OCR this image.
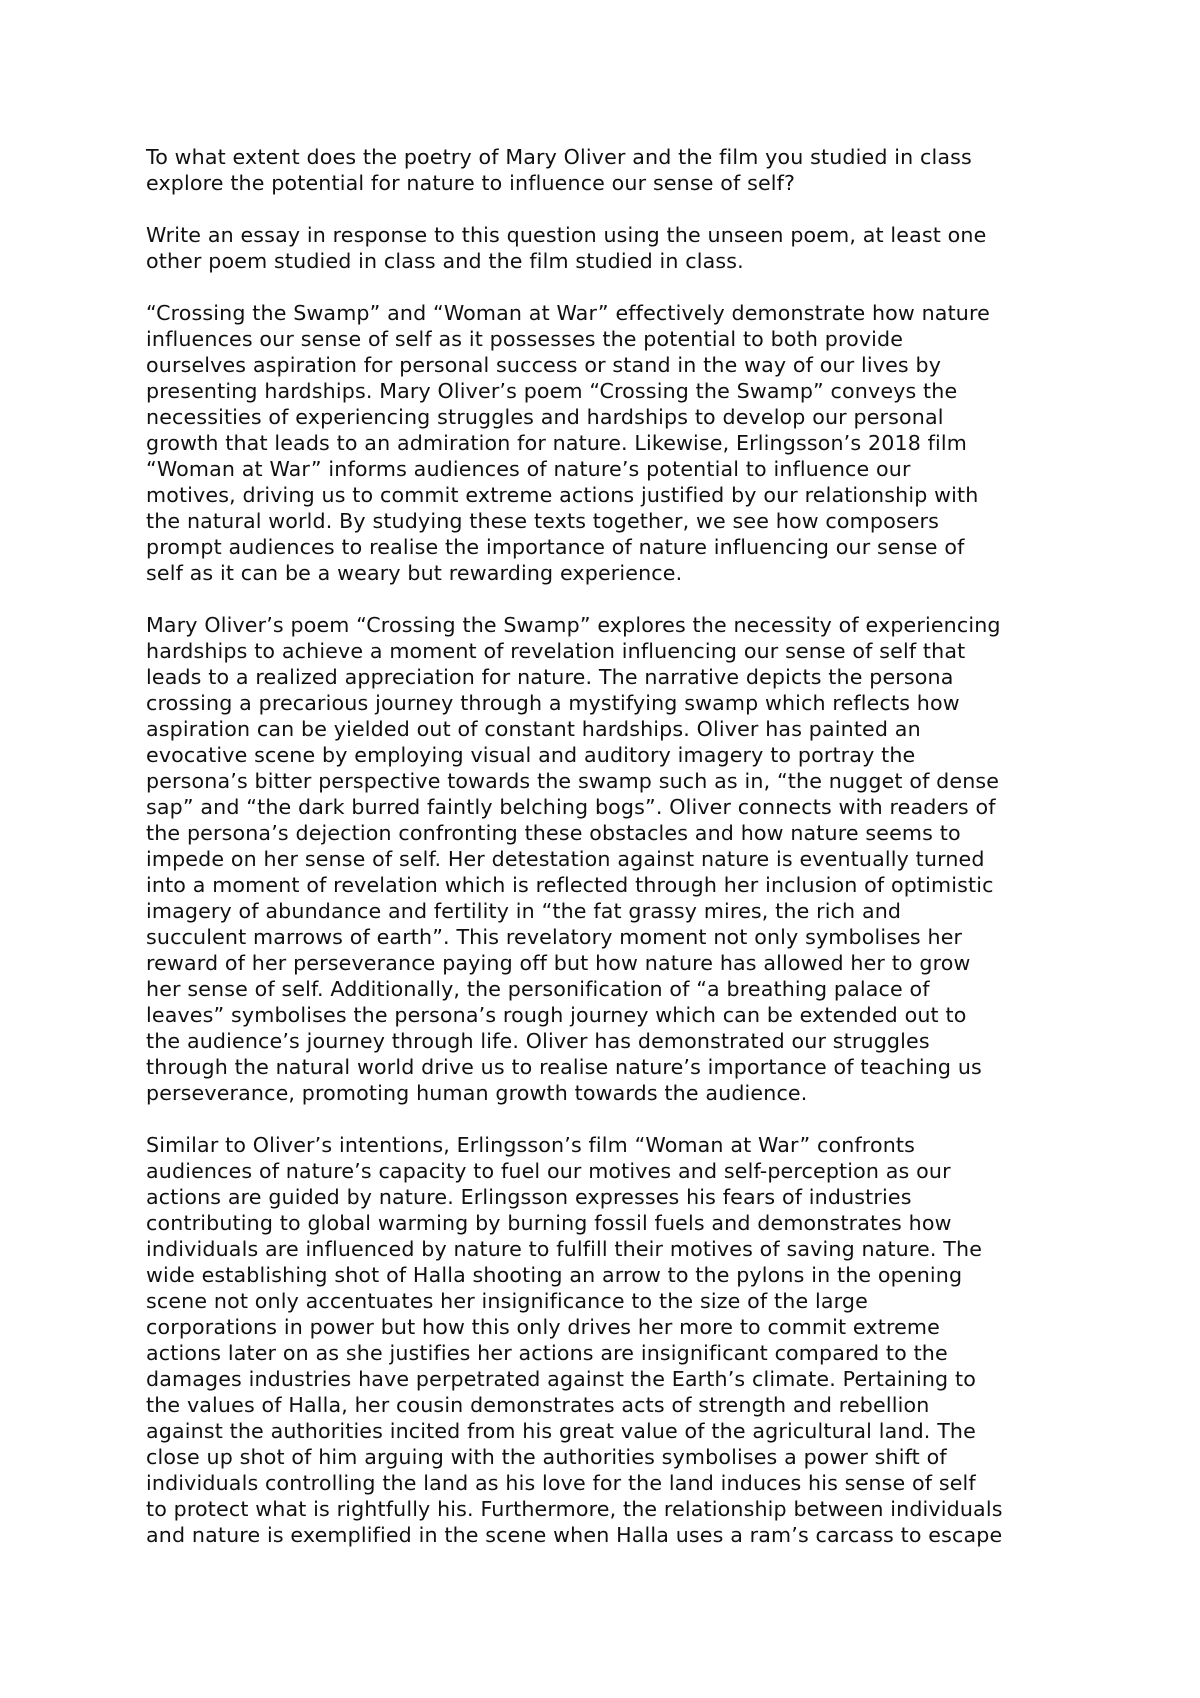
To what extent does the poetry of Mary Oliver and the film you studied in class
explore the potential for nature to influence our sense of self?

Write an essay in response to this question using the unseen poem, at least one
other poem studied in class and the film studied in class.

“Crossing the Swamp” and “Woman at War” effectively demonstrate how nature
influences our sense of self as it possesses the potential to both provide
ourselves aspiration for personal success or stand in the way of our lives by
presenting hardships. Mary Oliver’s poem “Crossing the Swamp” conveys the
necessities of experiencing struggles and hardships to develop our personal
growth that leads to an admiration for nature. Likewise, Erlingsson’s 2018 film
“Woman at War” informs audiences of nature’s potential to influence our
motives, driving us to commit extreme actions justified by our relationship with
the natural world. By studying these texts together, we see how composers
prompt audiences to realise the importance of nature influencing our sense of
self as it can be a weary but rewarding experience.

Mary Oliver’s poem “Crossing the Swamp” explores the necessity of experiencing
hardships to achieve a moment of revelation influencing our sense of self that
leads to a realized appreciation for nature. The narrative depicts the persona
crossing a precarious journey through a mystifying swamp which reflects how
aspiration can be yielded out of constant hardships. Oliver has painted an
evocative scene by employing visual and auditory imagery to portray the
persona’s bitter perspective towards the swamp such as in, “the nugget of dense
sap” and “the dark burred faintly belching bogs”. Oliver connects with readers of
the persona’s dejection confronting these obstacles and how nature seems to
impede on her sense of self. Her detestation against nature is eventually turned
into a moment of revelation which is reflected through her inclusion of optimistic
imagery of abundance and fertility in “the fat grassy mires, the rich and
succulent marrows of earth”. This revelatory moment not only symbolises her
reward of her perseverance paying off but how nature has allowed her to grow
her sense of self. Additionally, the personification of “a breathing palace of
leaves” symbolises the persona’s rough journey which can be extended out to
the audience’s journey through life. Oliver has demonstrated our struggles
through the natural world drive us to realise nature’s importance of teaching us
perseverance, promoting human growth towards the audience.

Similar to Oliver’s intentions, Erlingsson’s film “Woman at War” confronts
audiences of nature’s capacity to fuel our motives and self-perception as our
actions are guided by nature. Erlingsson expresses his fears of industries
contributing to global warming by burning fossil fuels and demonstrates how
individuals are influenced by nature to fulfill their motives of saving nature. The
wide establishing shot of Halla shooting an arrow to the pylons in the opening
scene not only accentuates her insignificance to the size of the large
corporations in power but how this only drives her more to commit extreme
actions later on as she justifies her actions are insignificant compared to the
damages industries have perpetrated against the Earth’s climate. Pertaining to
the values of Halla, her cousin demonstrates acts of strength and rebellion
against the authorities incited from his great value of the agricultural land. The
close up shot of him arguing with the authorities symbolises a power shift of
individuals controlling the land as his love for the land induces his sense of self
to protect what is rightfully his. Furthermore, the relationship between individuals
and nature is exemplified in the scene when Halla uses a ram’s carcass to escape
